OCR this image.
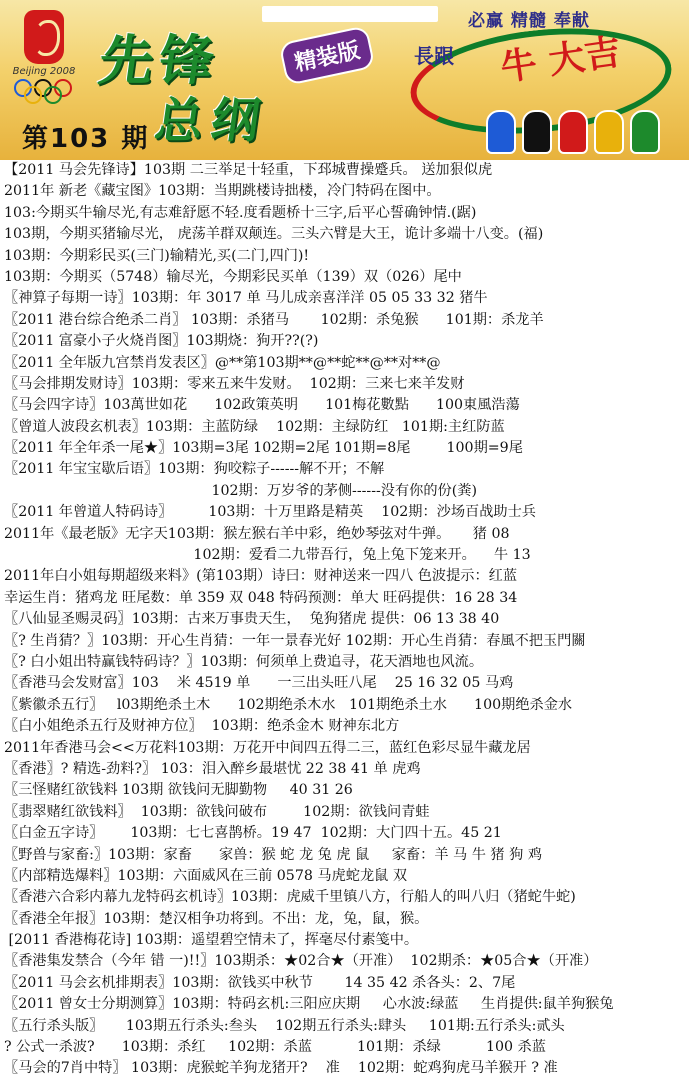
Beijing 2008
必赢 精髓 奉献
長跟 牛 大吉
先锋	精装版
总纲
第103 期
【2011 马会先锋诗】103期 二三举足十轻重，下邳城曹操蹙兵。 送加狠似虎
2011年 新老《藏宝图》103期：当期跳楼诗拙楼，冷门特码在图中。
103:今期买牛输尽光,有志难舒愿不轻.度看题桥十三字,后平心誓确钟情.(踞)
103期，今期买猪输尽光， 虎荡羊群双颠连。三头六臂是大王，诡计多端十八变。(福)
103期：今期彩民买(三门)输精光,买(二门,四门)!
103期：今期买（5748）输尽光，今期彩民买单（139）双（026）尾中
〖神算子每期一诗〗103期：年 3017 单 马儿成亲喜洋洋 05 05 33 32 猪牛
〖2011 港台综合绝杀二肖〗 103期：杀猪马       102期：杀兔猴      101期：杀龙羊
〖2011 富豪小子火烧肖图〗103期烧：狗开??(?)
〖2011 全年版九宫禁肖发表区〗@**第103期**@**蛇**@**对**@
〖马会排期发财诗〗103期：零来五来牛发财。  102期：三来七来羊发财
〖马会四字诗〗103萬世如花      102政策英明      101梅花數點      100東風浩蕩
〖曾道人波段玄机表〗103期：主蓝防绿    102期：主绿防红   101期:主红防蓝
〖2011 年全年杀一尾★〗103期=3尾 102期=2尾 101期=8尾        100期=9尾
〖2011 年宝宝歇后语〗103期：狗咬粽子------解不开；不解
102期：万岁爷的茅侧------没有你的份(粪)
〖2011 年曾道人特码诗〗        103期：十万里路是精英    102期：沙场百战助士兵
2011年《最老版》无字天103期：猴左猴右羊中彩，绝妙琴弦对牛弹。     猪 08
102期：爱看二九带吾行，兔上兔下笼来开。    牛 13
2011年白小姐每期超级来料》(第103期）诗曰：财神送来一四八 色波提示：红蓝
幸运生肖：猪鸡龙 旺尾数：单 359 双 048 特码预测：单大 旺码提供：16 28 34
〖八仙显圣赐灵码〗103期：古来万事贵天生，  兔狗猪虎 提供：06 13 38 40
〖? 生肖猜？〗103期：开心生肖猜：一年一景春光好 102期：开心生肖猜：春風不把玉門關
〖? 白小姐出特赢钱特码诗？〗103期：何须单上费追寻，花天酒地也风流。
〖香港马会发财富〗103    米 4519 单      一三出头旺八尾    25 16 32 05 马鸡
〖紫徽杀五行〗   l03期绝杀土木      102期绝杀木水   101期绝杀土水      100期绝杀金水
〖白小姐绝杀五行及财神方位〗  103期：绝杀金木 财神东北方
2011年香港马会<<万花料103期：万花开中间四五得二三，蓝红色彩尽显牛藏龙居
〖香港〗? 精选-劲料?〗 103：泪入醉乡最堪忧 22 38 41 单 虎鸡
〖三怪赌红欲钱料 103期 欲钱问无脚勤物     40 31 26
〖翡翠赌红欲钱料〗  103期：欲钱问破布        102期：欲钱问青蛙
〖白金五字诗〗      103期：七七喜鹊桥。19 47  102期：大门四十五。45 21
〖野兽与家畜:〗103期：家畜      家兽：猴 蛇 龙 兔 虎 鼠     家畜：羊 马 牛 猪 狗 鸡
〖内部精选爆料〗103期：六面威风在三前 0578 马虎蛇龙鼠 双
〖香港六合彩内幕九龙特码玄机诗〗103期：虎威千里镇八方，行船人的叫八归（猪蛇牛蛇)
〖香港全年报〗103期：楚汉相争功将到。不出：龙，兔，鼠，猴。
[2011 香港梅花诗] 103期：遥望碧空情未了，挥毫尽付素笺中。
〖香港集发禁合（今年 错 一)!!〗103期杀：★02合★（开准）  102期杀：★05合★（开准）
〖2011 马会玄机排期表〗103期：欲钱买中秋节       14 35 42 杀各头：2、7尾
〖2011 曾女士分期测算〗103期：特码玄机:三阳应庆期     心水波:绿蓝     生肖提供:鼠羊狗猴兔
〖五行杀头版〗     103期五行杀头:叁头    102期五行杀头:肆头     101期:五行杀头:贰头
? 公式一杀波?      103期：杀红     102期：杀蓝          101期：杀绿          100 杀蓝
〖马会的7肖中特〗 103期：虎猴蛇羊狗龙猪开?    准    102期：蛇鸡狗虎马羊猴开 ? 准
